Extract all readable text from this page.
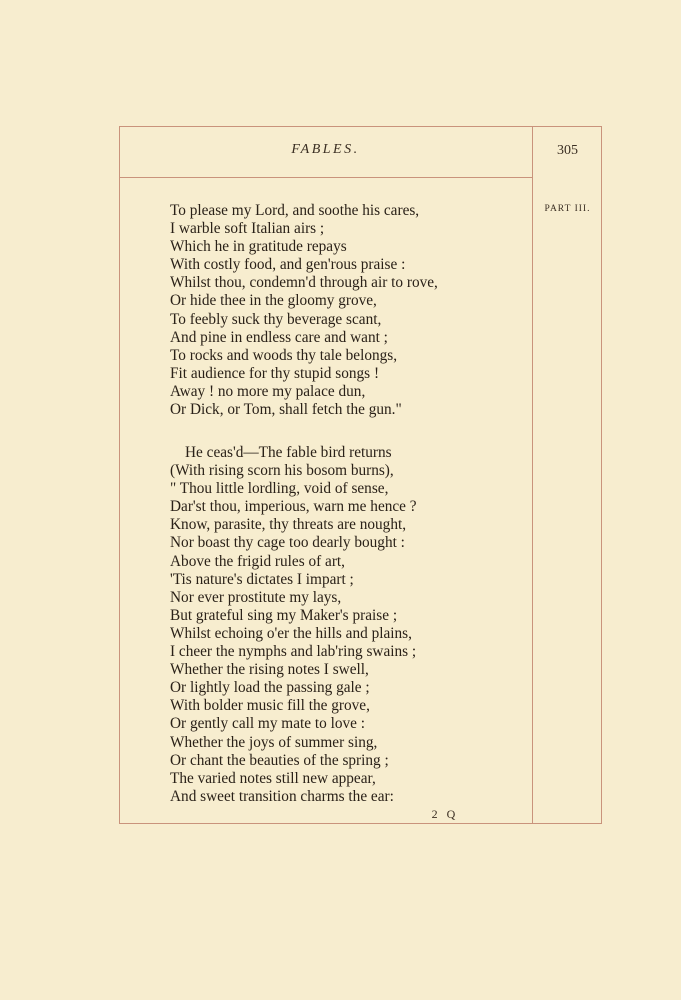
FABLES.	305
PART III.
To please my Lord, and soothe his cares,
I warble soft Italian airs ;
Which he in gratitude repays
With costly food, and gen'rous praise :
Whilst thou, condemn'd through air to rove,
Or hide thee in the gloomy grove,
To feebly suck thy beverage scant,
And pine in endless care and want ;
To rocks and woods thy tale belongs,
Fit audience for thy stupid songs !
Away ! no more my palace dun,
Or Dick, or Tom, shall fetch the gun."
He ceas'd—The fable bird returns
(With rising scorn his bosom burns),
" Thou little lordling, void of sense,
Dar'st thou, imperious, warn me hence ?
Know, parasite, thy threats are nought,
Nor boast thy cage too dearly bought :
Above the frigid rules of art,
'Tis nature's dictates I impart ;
Nor ever prostitute my lays,
But grateful sing my Maker's praise ;
Whilst echoing o'er the hills and plains,
I cheer the nymphs and lab'ring swains ;
Whether the rising notes I swell,
Or lightly load the passing gale ;
With bolder music fill the grove,
Or gently call my mate to love :
Whether the joys of summer sing,
Or chant the beauties of the spring ;
The varied notes still new appear,
And sweet transition charms the ear:
2 Q
